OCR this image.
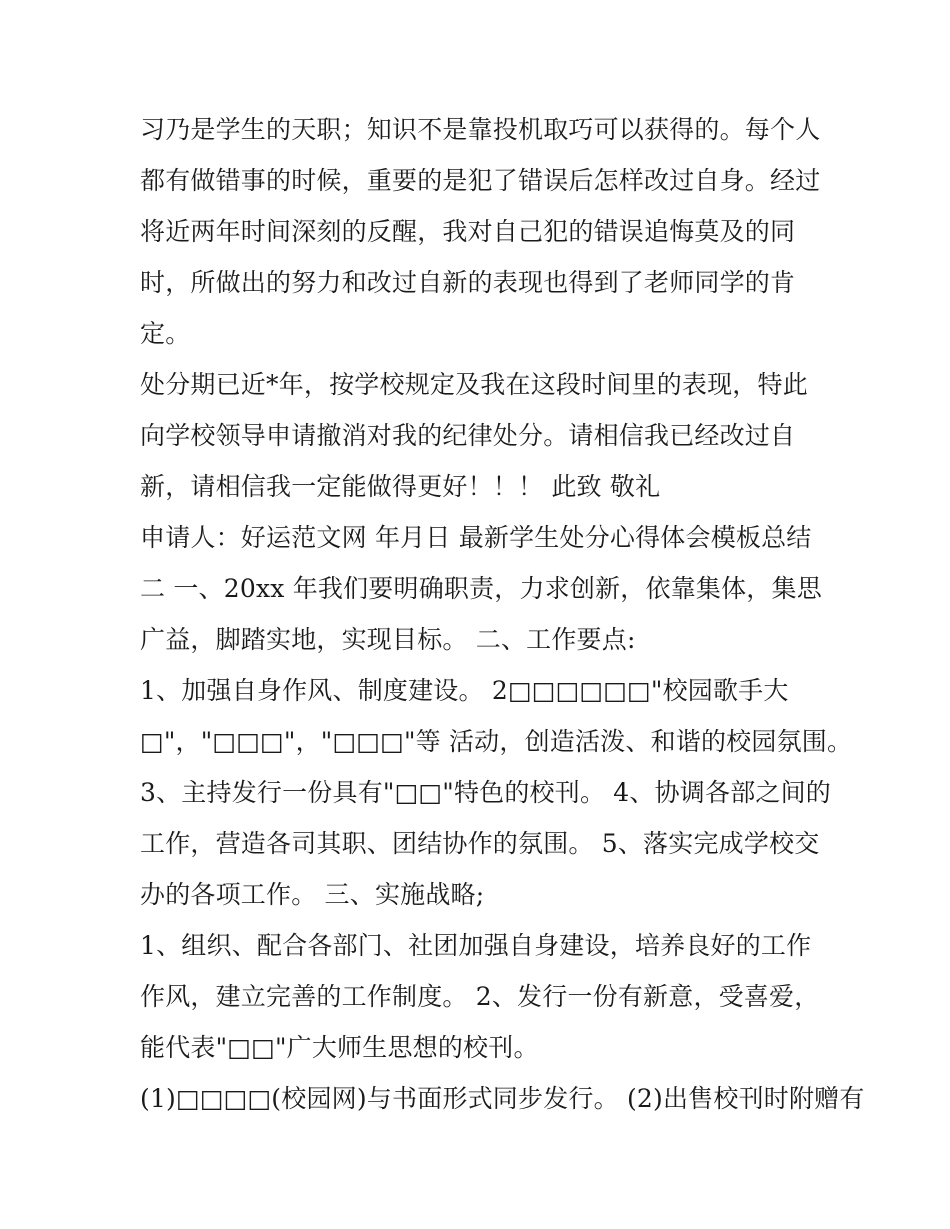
习乃是学生的天职；知识不是靠投机取巧可以获得的。每个人
都有做错事的时候，重要的是犯了错误后怎样改过自身。经过
将近两年时间深刻的反醒，我对自己犯的错误追悔莫及的同
时，所做出的努力和改过自新的表现也得到了老师同学的肯
定。
处分期已近*年，按学校规定及我在这段时间里的表现，特此
向学校领导申请撤消对我的纪律处分。请相信我已经改过自
新，请相信我一定能做得更好！！！ 此致 敬礼
申请人：好运范文网 年月日 最新学生处分心得体会模板总结
二 一、20xx 年我们要明确职责，力求创新，依靠集体，集思
广益，脚踏实地，实现目标。 二、工作要点:
1、加强自身作风、制度建设。 2□□□□□□"校园歌手大
□"，"□□□"，"□□□"等 活动，创造活泼、和谐的校园氛围。
3、主持发行一份具有"□□"特色的校刊。 4、协调各部之间的
工作，营造各司其职、团结协作的氛围。 5、落实完成学校交
办的各项工作。 三、实施战略;
1、组织、配合各部门、社团加强自身建设，培养良好的工作
作风，建立完善的工作制度。 2、发行一份有新意，受喜爱，
能代表"□□"广大师生思想的校刊。
(1)□□□□(校园网)与书面形式同步发行。 (2)出售校刊时附赠有
